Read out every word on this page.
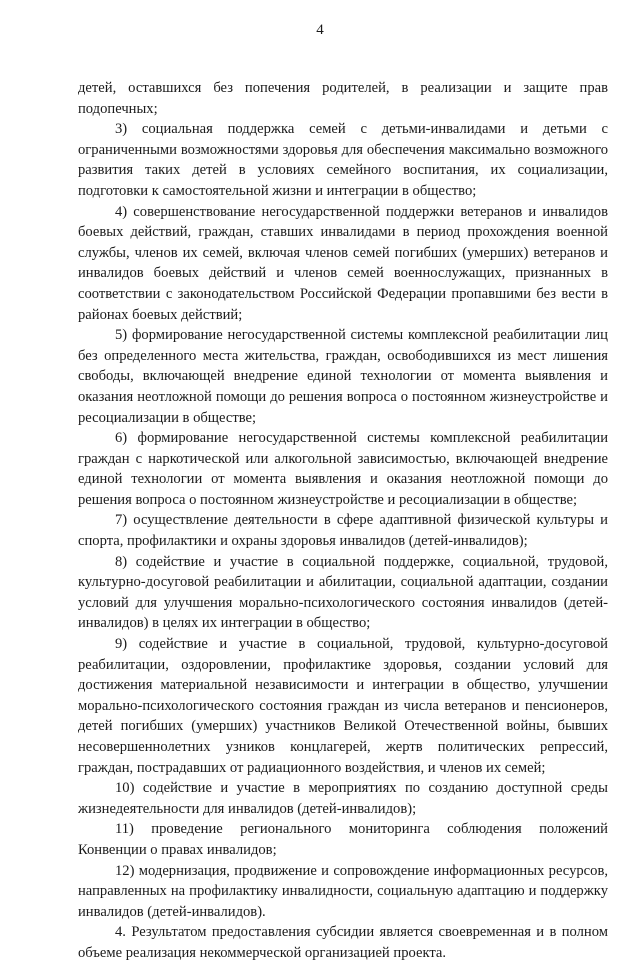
4

детей, оставшихся без попечения родителей, в реализации и защите прав подопечных;

3) социальная поддержка семей с детьми-инвалидами и детьми с ограниченными возможностями здоровья для обеспечения максимально возможного развития таких детей в условиях семейного воспитания, их социализации, подготовки к самостоятельной жизни и интеграции в общество;

4) совершенствование негосударственной поддержки ветеранов и инвалидов боевых действий, граждан, ставших инвалидами в период прохождения военной службы, членов их семей, включая членов семей погибших (умерших) ветеранов и инвалидов боевых действий и членов семей военнослужащих, признанных в соответствии с законодательством Российской Федерации пропавшими без вести в районах боевых действий;

5) формирование негосударственной системы комплексной реабилитации лиц без определенного места жительства, граждан, освободившихся из мест лишения свободы, включающей внедрение единой технологии от момента выявления и оказания неотложной помощи до решения вопроса о постоянном жизнеустройстве и ресоциализации в обществе;

6) формирование негосударственной системы комплексной реабилитации граждан с наркотической или алкогольной зависимостью, включающей внедрение единой технологии от момента выявления и оказания неотложной помощи до решения вопроса о постоянном жизнеустройстве и ресоциализации в обществе;

7) осуществление деятельности в сфере адаптивной физической культуры и спорта, профилактики и охраны здоровья инвалидов (детей-инвалидов);

8) содействие и участие в социальной поддержке, социальной, трудовой, культурно-досуговой реабилитации и абилитации, социальной адаптации, создании условий для улучшения морально-психологического состояния инвалидов (детей-инвалидов) в целях их интеграции в общество;

9) содействие и участие в социальной, трудовой, культурно-досуговой реабилитации, оздоровлении, профилактике здоровья, создании условий для достижения материальной независимости и интеграции в общество, улучшении морально-психологического состояния граждан из числа ветеранов и пенсионеров, детей погибших (умерших) участников Великой Отечественной войны, бывших несовершеннолетних узников концлагерей, жертв политических репрессий, граждан, пострадавших от радиационного воздействия, и членов их семей;

10) содействие и участие в мероприятиях по созданию доступной среды жизнедеятельности для инвалидов (детей-инвалидов);

11) проведение регионального мониторинга соблюдения положений Конвенции о правах инвалидов;

12) модернизация, продвижение и сопровождение информационных ресурсов, направленных на профилактику инвалидности, социальную адаптацию и поддержку инвалидов (детей-инвалидов).

4. Результатом предоставления субсидии является своевременная и в полном объеме реализация некоммерческой организацией проекта.
